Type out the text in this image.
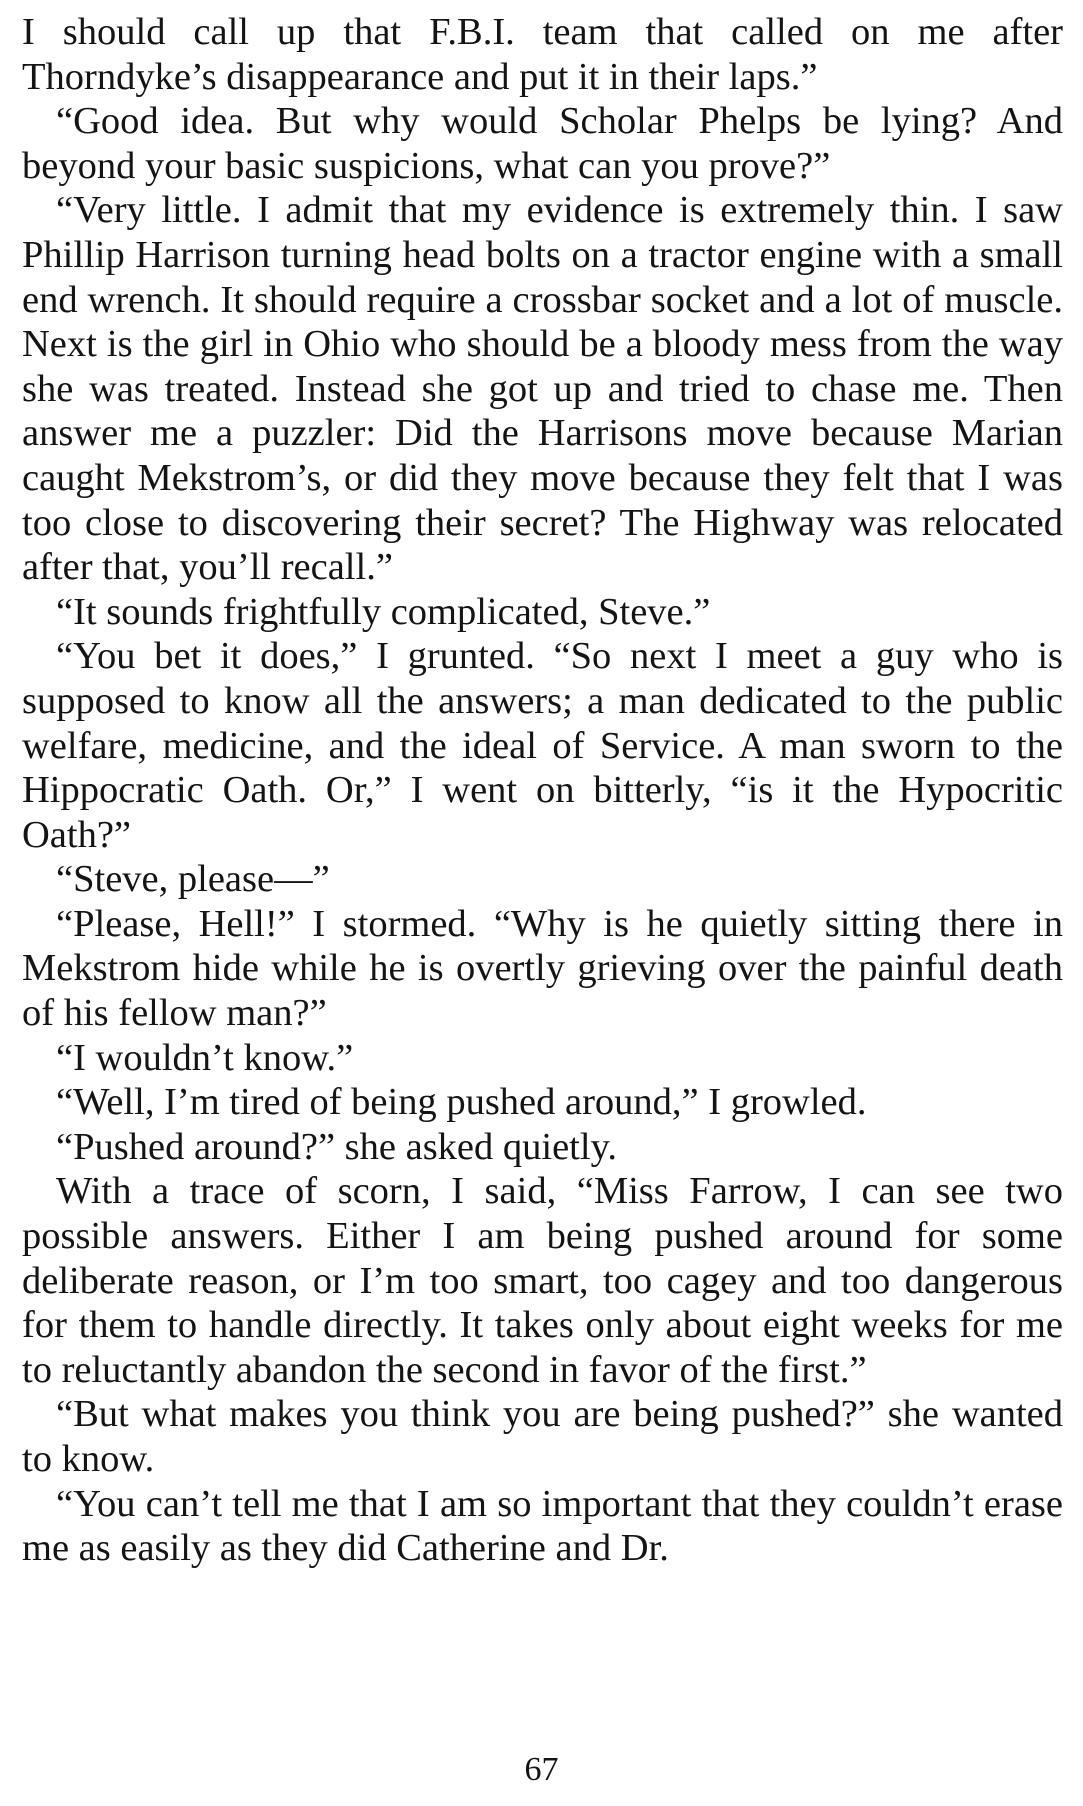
I should call up that F.B.I. team that called on me after Thorndyke’s disappearance and put it in their laps.”

“Good idea. But why would Scholar Phelps be lying? And beyond your basic suspicions, what can you prove?”

“Very little. I admit that my evidence is extremely thin. I saw Phillip Harrison turning head bolts on a tractor engine with a small end wrench. It should require a crossbar socket and a lot of muscle. Next is the girl in Ohio who should be a bloody mess from the way she was treated. Instead she got up and tried to chase me. Then answer me a puzzler: Did the Harrisons move because Marian caught Mekstrom’s, or did they move because they felt that I was too close to discovering their secret? The Highway was relocated after that, you’ll recall.”

“It sounds frightfully complicated, Steve.”

“You bet it does,” I grunted. “So next I meet a guy who is supposed to know all the answers; a man dedicated to the public welfare, medicine, and the ideal of Service. A man sworn to the Hippocratic Oath. Or,” I went on bitterly, “is it the Hypocritic Oath?”

“Steve, please—”

“Please, Hell!” I stormed. “Why is he quietly sitting there in Mekstrom hide while he is overtly grieving over the painful death of his fellow man?”

“I wouldn’t know.”

“Well, I’m tired of being pushed around,” I growled.

“Pushed around?” she asked quietly.

With a trace of scorn, I said, “Miss Farrow, I can see two possible answers. Either I am being pushed around for some deliberate reason, or I’m too smart, too cagey and too dangerous for them to handle directly. It takes only about eight weeks for me to reluctantly abandon the second in favor of the first.”

“But what makes you think you are being pushed?” she wanted to know.

“You can’t tell me that I am so important that they couldn’t erase me as easily as they did Catherine and Dr.

67
